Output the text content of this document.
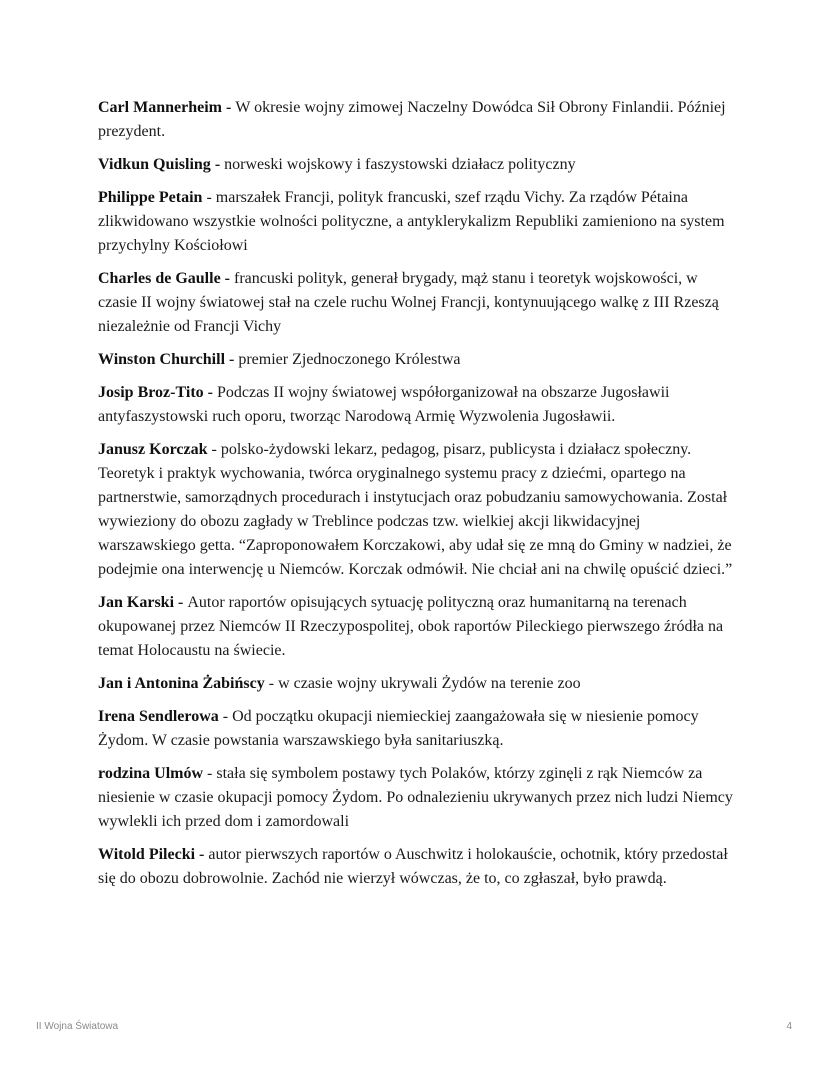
Carl Mannerheim - W okresie wojny zimowej Naczelny Dowódca Sił Obrony Finlandii. Później prezydent.

Vidkun Quisling - norweski wojskowy i faszystowski działacz polityczny

Philippe Petain - marszałek Francji, polityk francuski, szef rządu Vichy. Za rządów Pétaina zlikwidowano wszystkie wolności polityczne, a antyklerykalizm Republiki zamieniono na system przychylny Kościołowi

Charles de Gaulle - francuski polityk, generał brygady, mąż stanu i teoretyk wojskowości, w czasie II wojny światowej stał na czele ruchu Wolnej Francji, kontynuującego walkę z III Rzeszą niezależnie od Francji Vichy

Winston Churchill - premier Zjednoczonego Królestwa

Josip Broz-Tito - Podczas II wojny światowej współorganizował na obszarze Jugosławii antyfaszystowski ruch oporu, tworząc Narodową Armię Wyzwolenia Jugosławii.

Janusz Korczak - polsko-żydowski lekarz, pedagog, pisarz, publicysta i działacz społeczny. Teoretyk i praktyk wychowania, twórca oryginalnego systemu pracy z dziećmi, opartego na partnerstwie, samorządnych procedurach i instytucjach oraz pobudzaniu samowychowania. Został wywieziony do obozu zagłady w Treblince podczas tzw. wielkiej akcji likwidacyjnej warszawskiego getta. “Zaproponowałem Korczakowi, aby udał się ze mną do Gminy w nadziei, że podejmie ona interwencję u Niemców. Korczak odmówił. Nie chciał ani na chwilę opuścić dzieci.”

Jan Karski - Autor raportów opisujących sytuację polityczną oraz humanitarną na terenach okupowanej przez Niemców II Rzeczypospolitej, obok raportów Pileckiego pierwszego źródła na temat Holocaustu na świecie.

Jan i Antonina Żabińscy - w czasie wojny ukrywali Żydów na terenie zoo

Irena Sendlerowa - Od początku okupacji niemieckiej zaangażowała się w niesienie pomocy Żydom. W czasie powstania warszawskiego była sanitariuszką.

rodzina Ulmów - stała się symbolem postawy tych Polaków, którzy zginęli z rąk Niemców za niesienie w czasie okupacji pomocy Żydom. Po odnalezieniu ukrywanych przez nich ludzi Niemcy wywlekli ich przed dom i zamordowali

Witold Pilecki - autor pierwszych raportów o Auschwitz i holokauście, ochotnik, który przedostał się do obozu dobrowolnie. Zachód nie wierzył wówczas, że to, co zgłaszał, było prawdą.

II Wojna Światowa	4
